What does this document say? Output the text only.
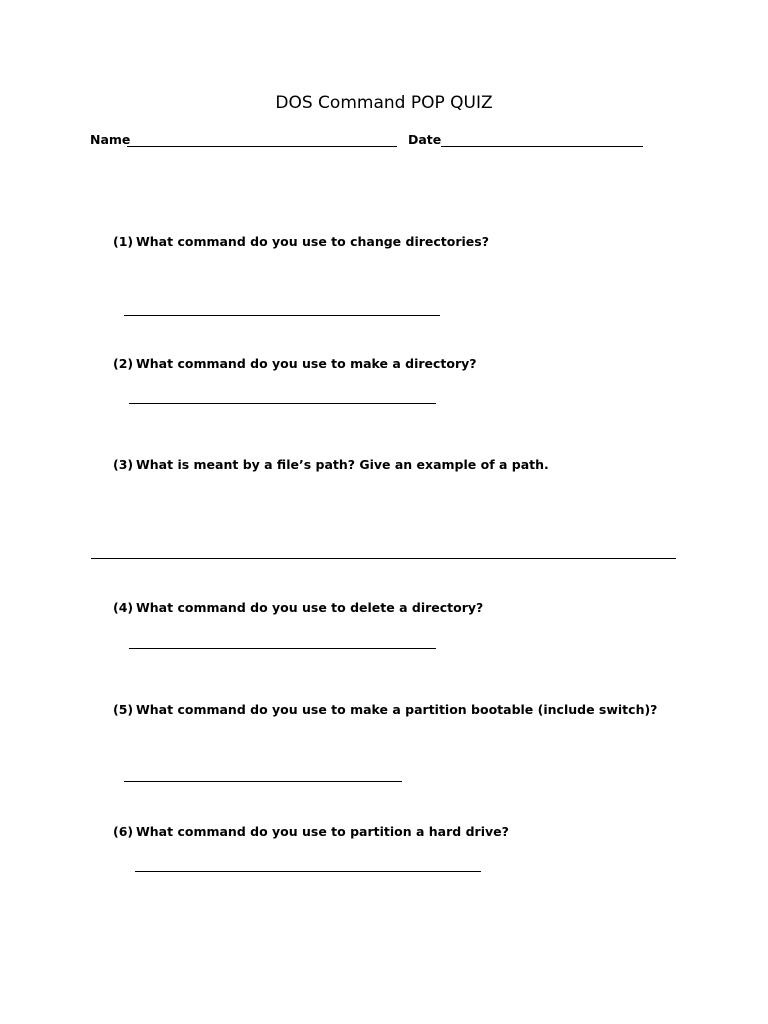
DOS Command POP QUIZ
Name	Date
(1) What command do you use to change directories?
(2) What command do you use to make a directory?
(3) What is meant by a file’s path? Give an example of a path.
(4) What command do you use to delete a directory?
(5) What command do you use to make a partition bootable (include switch)?
(6) What command do you use to partition a hard drive?
